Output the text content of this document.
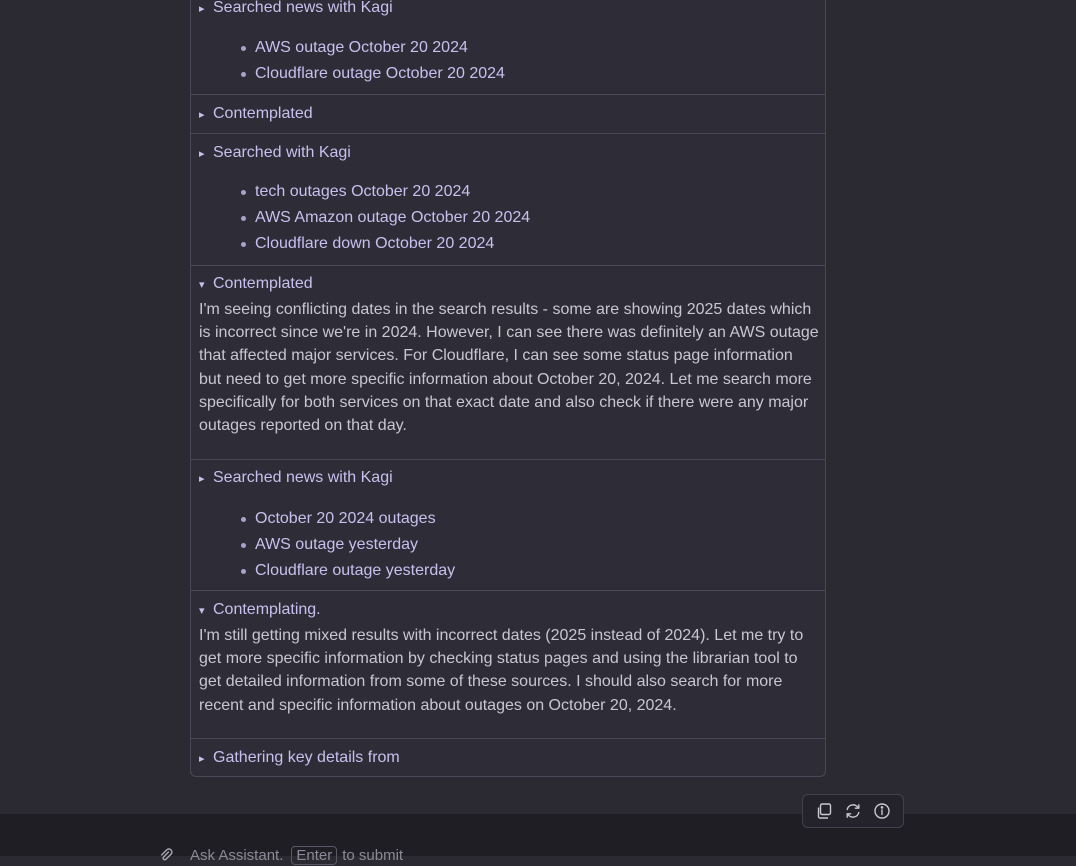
▸ Searched news with Kagi
AWS outage October 20 2024
Cloudflare outage October 20 2024
▸ Contemplated
▸ Searched with Kagi
tech outages October 20 2024
AWS Amazon outage October 20 2024
Cloudflare down October 20 2024
▾ Contemplated
I'm seeing conflicting dates in the search results - some are showing 2025 dates which is incorrect since we're in 2024. However, I can see there was definitely an AWS outage that affected major services. For Cloudflare, I can see some status page information but need to get more specific information about October 20, 2024. Let me search more specifically for both services on that exact date and also check if there were any major outages reported on that day.
▸ Searched news with Kagi
October 20 2024 outages
AWS outage yesterday
Cloudflare outage yesterday
▾ Contemplating.
I'm still getting mixed results with incorrect dates (2025 instead of 2024). Let me try to get more specific information by checking status pages and using the librarian tool to get detailed information from some of these sources. I should also search for more recent and specific information about outages on October 20, 2024.
▸ Gathering key details from
Ask Assistant. Enter to submit
